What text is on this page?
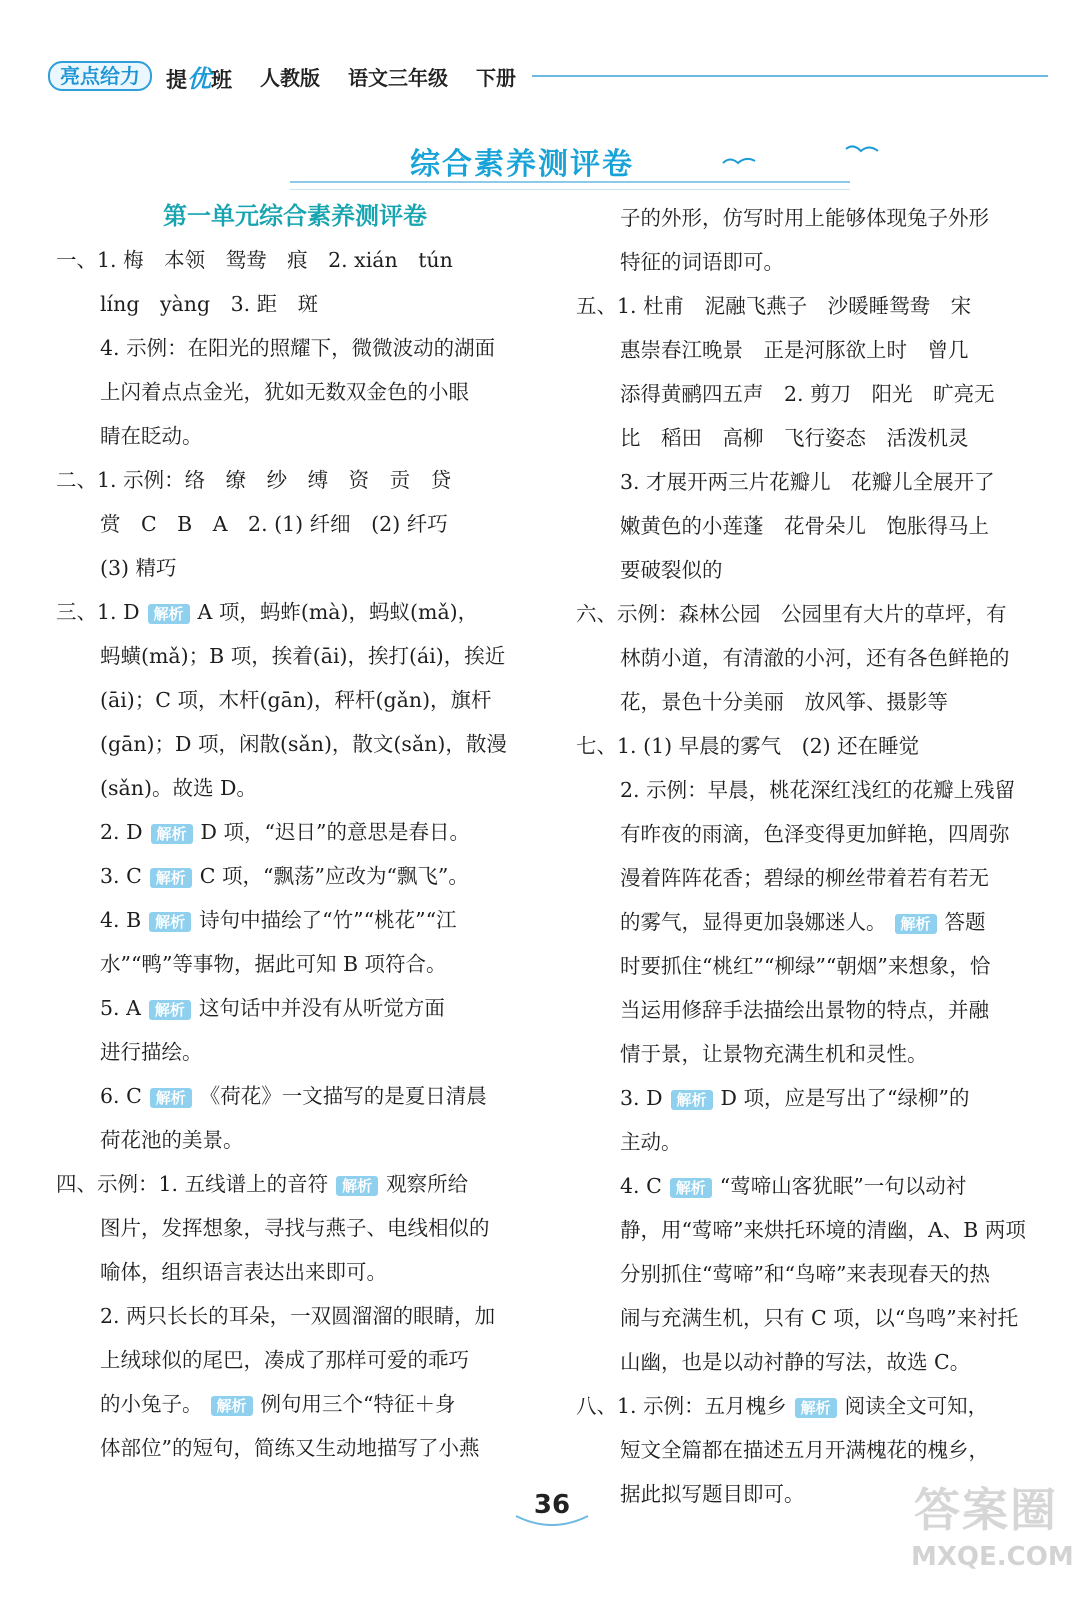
亮点给力	提优班 人教版 语文三年级 下册
综合素养测评卷
第一单元综合素养测评卷

一、1. 梅　本领　鸳鸯　痕　2. xián　tún

líng　yàng　3. 距　斑

4. 示例：在阳光的照耀下，微微波动的湖面

上闪着点点金光，犹如无数双金色的小眼

睛在眨动。

二、1. 示例：络　缭　纱　缚　资　贡　贷

赏　C　B　A　2. (1) 纤细　(2) 纤巧

(3) 精巧

三、1. D 解析 A 项，蚂蚱(mà)，蚂蚁(mǎ)，

蚂蟥(mǎ)；B 项，挨着(āi)，挨打(ái)，挨近

(āi)；C 项，木杆(gān)，秤杆(gǎn)，旗杆

(gān)；D 项，闲散(sǎn)，散文(sǎn)，散漫

(sǎn)。故选 D。

2. D 解析 D 项，“迟日”的意思是春日。

3. C 解析 C 项，“飘荡”应改为“飘飞”。

4. B 解析 诗句中描绘了“竹”“桃花”“江

水”“鸭”等事物，据此可知 B 项符合。

5. A 解析 这句话中并没有从听觉方面

进行描绘。

6. C 解析 《荷花》一文描写的是夏日清晨

荷花池的美景。

四、示例：1. 五线谱上的音符 解析 观察所给

图片，发挥想象，寻找与燕子、电线相似的

喻体，组织语言表达出来即可。

2. 两只长长的耳朵，一双圆溜溜的眼睛，加

上绒球似的尾巴，凑成了那样可爱的乖巧

的小兔子。 解析 例句用三个“特征＋身

体部位”的短句，简练又生动地描写了小燕

子的外形，仿写时用上能够体现兔子外形

特征的词语即可。

五、1. 杜甫　泥融飞燕子　沙暖睡鸳鸯　宋

惠崇春江晚景　正是河豚欲上时　曾几

添得黄鹂四五声　2. 剪刀　阳光　旷亮无

比　稻田　高柳　飞行姿态　活泼机灵

3. 才展开两三片花瓣儿　花瓣儿全展开了

嫩黄色的小莲蓬　花骨朵儿　饱胀得马上

要破裂似的

六、示例：森林公园　公园里有大片的草坪，有

林荫小道，有清澈的小河，还有各色鲜艳的

花，景色十分美丽　放风筝、摄影等

七、1. (1) 早晨的雾气　(2) 还在睡觉

2. 示例：早晨，桃花深红浅红的花瓣上残留

有昨夜的雨滴，色泽变得更加鲜艳，四周弥

漫着阵阵花香；碧绿的柳丝带着若有若无

的雾气，显得更加袅娜迷人。 解析 答题

时要抓住“桃红”“柳绿”“朝烟”来想象，恰

当运用修辞手法描绘出景物的特点，并融

情于景，让景物充满生机和灵性。

3. D 解析 D 项，应是写出了“绿柳”的

主动。

4. C 解析 “莺啼山客犹眠”一句以动衬

静，用“莺啼”来烘托环境的清幽，A、B 两项

分别抓住“莺啼”和“鸟啼”来表现春天的热

闹与充满生机，只有 C 项，以“鸟鸣”来衬托

山幽，也是以动衬静的写法，故选 C。

八、1. 示例：五月槐乡 解析 阅读全文可知，

短文全篇都在描述五月开满槐花的槐乡，

据此拟写题目即可。

36	答案圈
MXQE.COM
